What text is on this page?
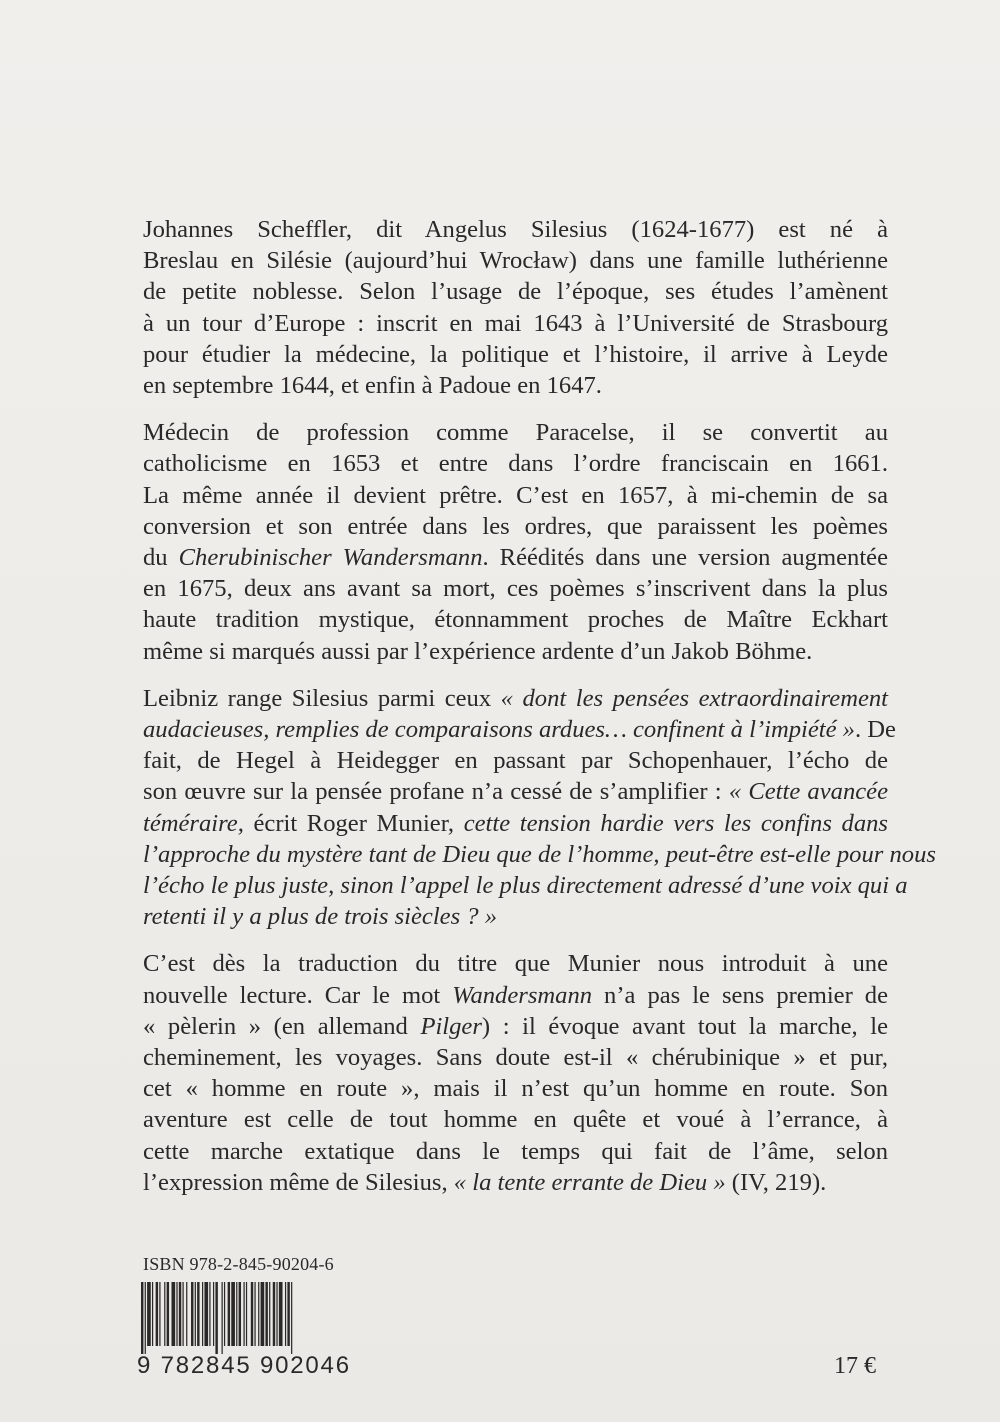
Johannes Scheffler, dit Angelus Silesius (1624-1677) est né à
Breslau en Silésie (aujourd’hui Wrocław) dans une famille luthérienne
de petite noblesse. Selon l’usage de l’époque, ses études l’amènent
à un tour d’Europe : inscrit en mai 1643 à l’Université de Strasbourg
pour étudier la médecine, la politique et l’histoire, il arrive à Leyde
en septembre 1644, et enfin à Padoue en 1647.
Médecin de profession comme Paracelse, il se convertit au
catholicisme en 1653 et entre dans l’ordre franciscain en 1661.
La même année il devient prêtre. C’est en 1657, à mi-chemin de sa
conversion et son entrée dans les ordres, que paraissent les poèmes
du Cherubinischer Wandersmann. Réédités dans une version augmentée
en 1675, deux ans avant sa mort, ces poèmes s’inscrivent dans la plus
haute tradition mystique, étonnamment proches de Maître Eckhart
même si marqués aussi par l’expérience ardente d’un Jakob Böhme.
Leibniz range Silesius parmi ceux « dont les pensées extraordinairement
audacieuses, remplies de comparaisons ardues… confinent à l’impiété ». De
fait, de Hegel à Heidegger en passant par Schopenhauer, l’écho de
son œuvre sur la pensée profane n’a cessé de s’amplifier : « Cette avancée
téméraire, écrit Roger Munier, cette tension hardie vers les confins dans
l’approche du mystère tant de Dieu que de l’homme, peut-être est-elle pour nous
l’écho le plus juste, sinon l’appel le plus directement adressé d’une voix qui a
retenti il y a plus de trois siècles ? »
C’est dès la traduction du titre que Munier nous introduit à une
nouvelle lecture. Car le mot Wandersmann n’a pas le sens premier de
« pèlerin » (en allemand Pilger) : il évoque avant tout la marche, le
cheminement, les voyages. Sans doute est-il « chérubinique » et pur,
cet « homme en route », mais il n’est qu’un homme en route. Son
aventure est celle de tout homme en quête et voué à l’errance, à
cette marche extatique dans le temps qui fait de l’âme, selon
l’expression même de Silesius, « la tente errante de Dieu » (IV, 219).
ISBN 978-2-845-90204-6
9 782845 902046	17 €
